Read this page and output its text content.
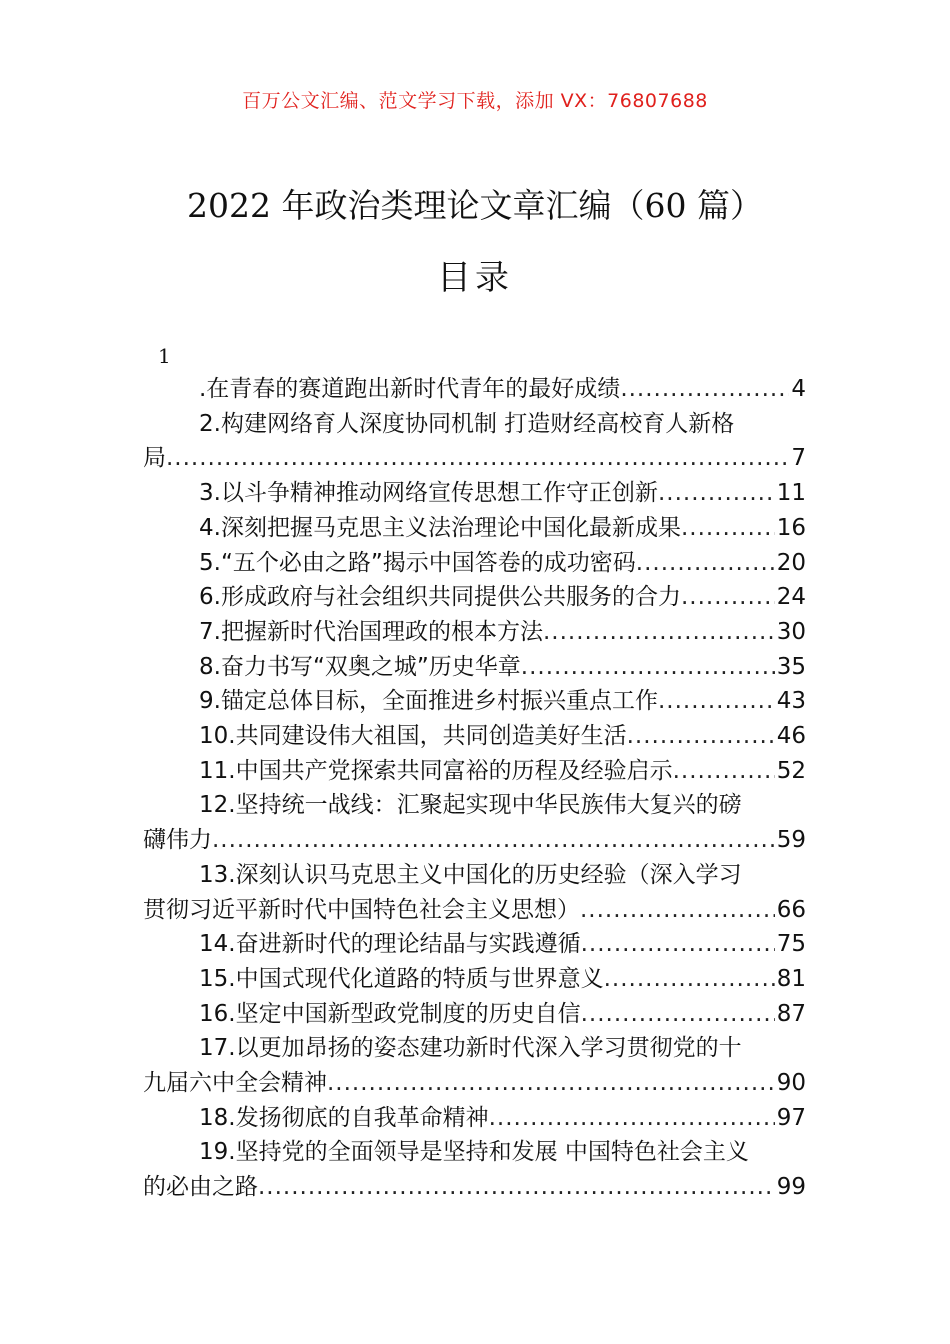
百万公文汇编、范文学习下载，添加 VX：76807688
2022 年政治类理论文章汇编（60 篇）
目录
1
.在青春的赛道跑出新时代青年的最好成绩 .....	4
2.构建网络育人深度协同机制 打造财经高校育人新格
局 .....	7
3.以斗争精神推动网络宣传思想工作守正创新 .....	11
4.深刻把握马克思主义法治理论中国化最新成果 .....	16
5.“五个必由之路”揭示中国答卷的成功密码 .....	20
6.形成政府与社会组织共同提供公共服务的合力 .....	24
7.把握新时代治国理政的根本方法 .....	30
8.奋力书写“双奥之城”历史华章 .....	35
9.锚定总体目标，全面推进乡村振兴重点工作 .....	43
10.共同建设伟大祖国，共同创造美好生活 .....	46
11.中国共产党探索共同富裕的历程及经验启示 .....	52
12.坚持统一战线：汇聚起实现中华民族伟大复兴的磅
礴伟力 .....	59
13.深刻认识马克思主义中国化的历史经验（深入学习
贯彻习近平新时代中国特色社会主义思想） .....	66
14.奋进新时代的理论结晶与实践遵循 .....	75
15.中国式现代化道路的特质与世界意义 .....	81
16.坚定中国新型政党制度的历史自信 .....	87
17.以更加昂扬的姿态建功新时代深入学习贯彻党的十
九届六中全会精神 .....	90
18.发扬彻底的自我革命精神 .....	97
19.坚持党的全面领导是坚持和发展 中国特色社会主义
的必由之路 .....	99
